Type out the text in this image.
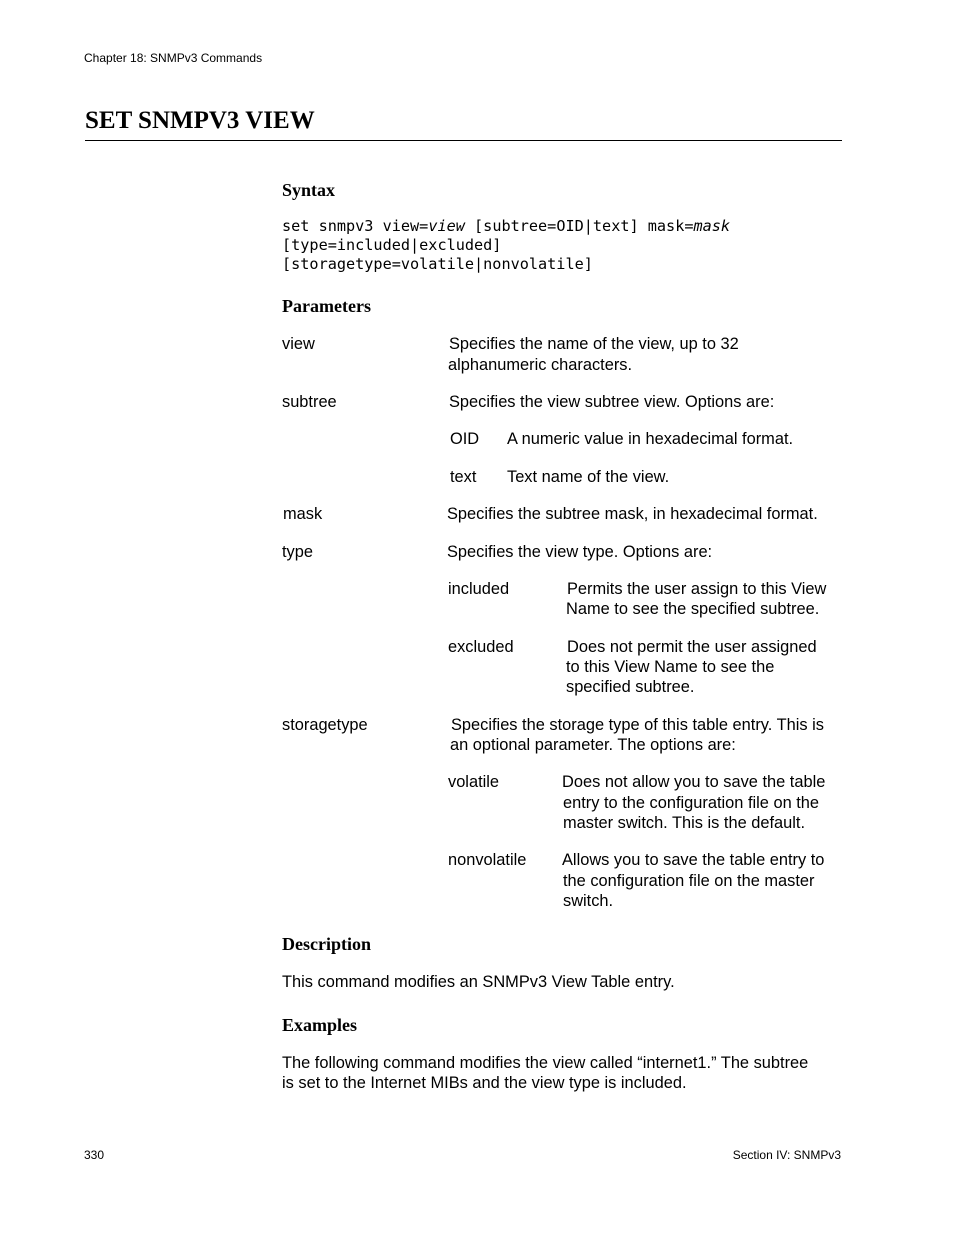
Chapter 18: SNMPv3 Commands
SET SNMPV3 VIEW
Syntax
set snmpv3 view=view [subtree=OID|text] mask=mask
[type=included|excluded]
[storagetype=volatile|nonvolatile]
Parameters
view	Specifies the name of the view, up to 32
alphanumeric characters.
subtree	Specifies the view subtree view. Options are:
OID A numeric value in hexadecimal format.
text Text name of the view.
mask	Specifies the subtree mask, in hexadecimal format.
type	Specifies the view type. Options are:
included	Permits the user assign to this View
Name to see the specified subtree.
excluded	Does not permit the user assigned
to this View Name to see the
specified subtree.
storagetype	Specifies the storage type of this table entry. This is
an optional parameter. The options are:
volatile	Does not allow you to save the table
entry to the configuration file on the
master switch. This is the default.
nonvolatile Allows you to save the table entry to
the configuration file on the master
switch.
Description
This command modifies an SNMPv3 View Table entry.
Examples
The following command modifies the view called “internet1.” The subtree
is set to the Internet MIBs and the view type is included.
330	Section IV: SNMPv3
